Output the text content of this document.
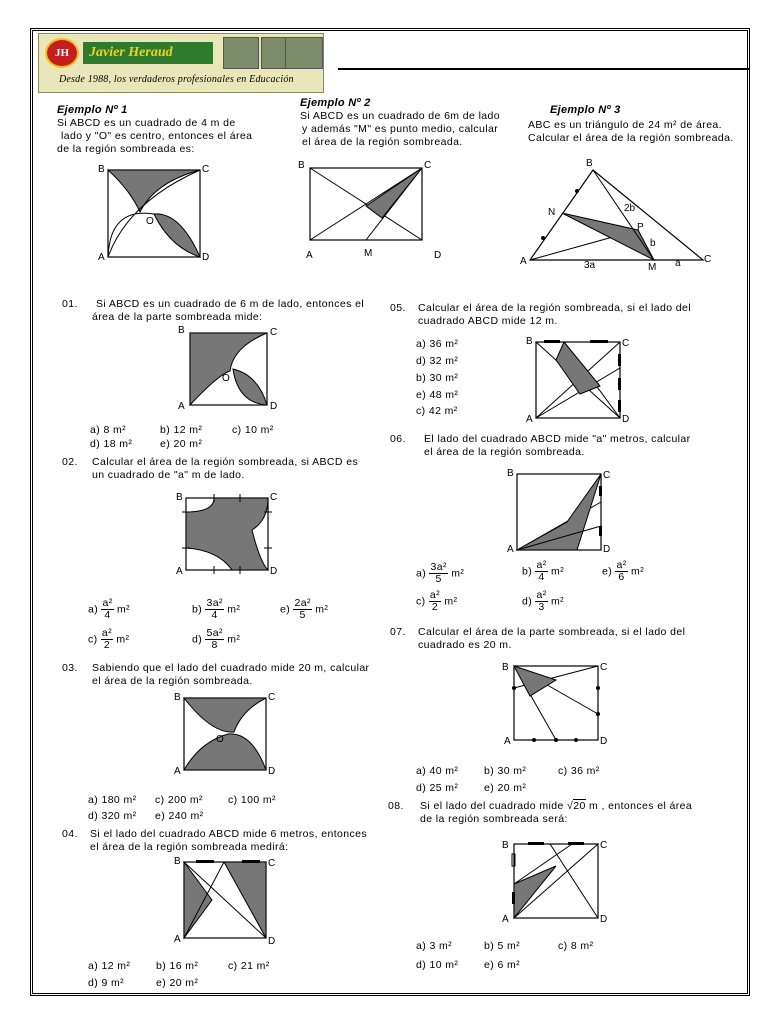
JH	Javier Heraud
Desde 1988, los verdaderos profesionales en Educación
Ejemplo Nº 1
Si ABCD es un cuadrado de 4 m de
lado y "O" es centro, entonces el área
de la región sombreada es:
Ejemplo Nº 2
Si ABCD es un cuadrado de 6m de lado
y además "M" es punto medio, calcular
el área de la región sombreada.
Ejemplo Nº 3
ABC es un triángulo de 24 m² de área.
Calcular el área de la región sombreada.
B	C
A	D
O
B	C
A	M	D
B
N	2b
P
b
A	3a	M a C
01.	Si ABCD es un cuadrado de 6 m de lado, entonces el
área de la parte sombreada mide:
B	C
A	D
O
a) 8 m²	b) 12 m²	c) 10 m²
d) 18 m²	e) 20 m²
02.	Calcular el área de la región sombreada, si ABCD es
un cuadrado de "a" m de lado.
B	C
A	D
$a) \frac{\text{a²}}{4} m^2$	$b) \frac{\text{3a²}}{4} m^2$	$e) \frac{\text{2a²}}{5} m^2$
$c) \frac{\text{a²}}{2} m^2$	$d) \frac{\text{5a²}}{8} m^2$
03.	Sabiendo que el lado del cuadrado mide 20 m, calcular
el área de la región sombreada.
B	C
A	D
O
a) 180 m² c) 200 m² c) 100 m²
d) 320 m² e) 240 m²
04.	Si el lado del cuadrado ABCD mide 6 metros, entonces
el área de la región sombreada medirá:
B	C
A	D
a) 12 m² b) 16 m²	c) 21 m²
d) 9 m²	e) 20 m²
05.	Calcular el área de la región sombreada, si el lado del
cuadrado ABCD mide 12 m.
a) 36 m²
d) 32 m²
b) 30 m²
e) 48 m²
c) 42 m²
B	C
A	D
06.	El lado del cuadrado ABCD mide "a" metros, calcular
el área de la región sombreada.
B	C
A	D
$a) \frac{\text{3a²}}{5} m^2$	$b) \frac{\text{a²}}{4} m^2$	$e) \frac{\text{a²}}{6} m^2$
$c) \frac{\text{a²}}{2} m^2$	$d) \frac{\text{a²}}{3} m^2$
07.	Calcular el área de la parte sombreada, si el lado del
cuadrado es 20 m.
B	C
A	D
a) 40 m² b) 30 m²	c) 36 m²
d) 25 m² e) 20 m²
08.	Si el lado del cuadrado mide √20 m , entonces el área
de la región sombreada será:
B	C
A	D
a) 3 m²	b) 5 m²	c) 8 m²
d) 10 m² e) 6 m²
